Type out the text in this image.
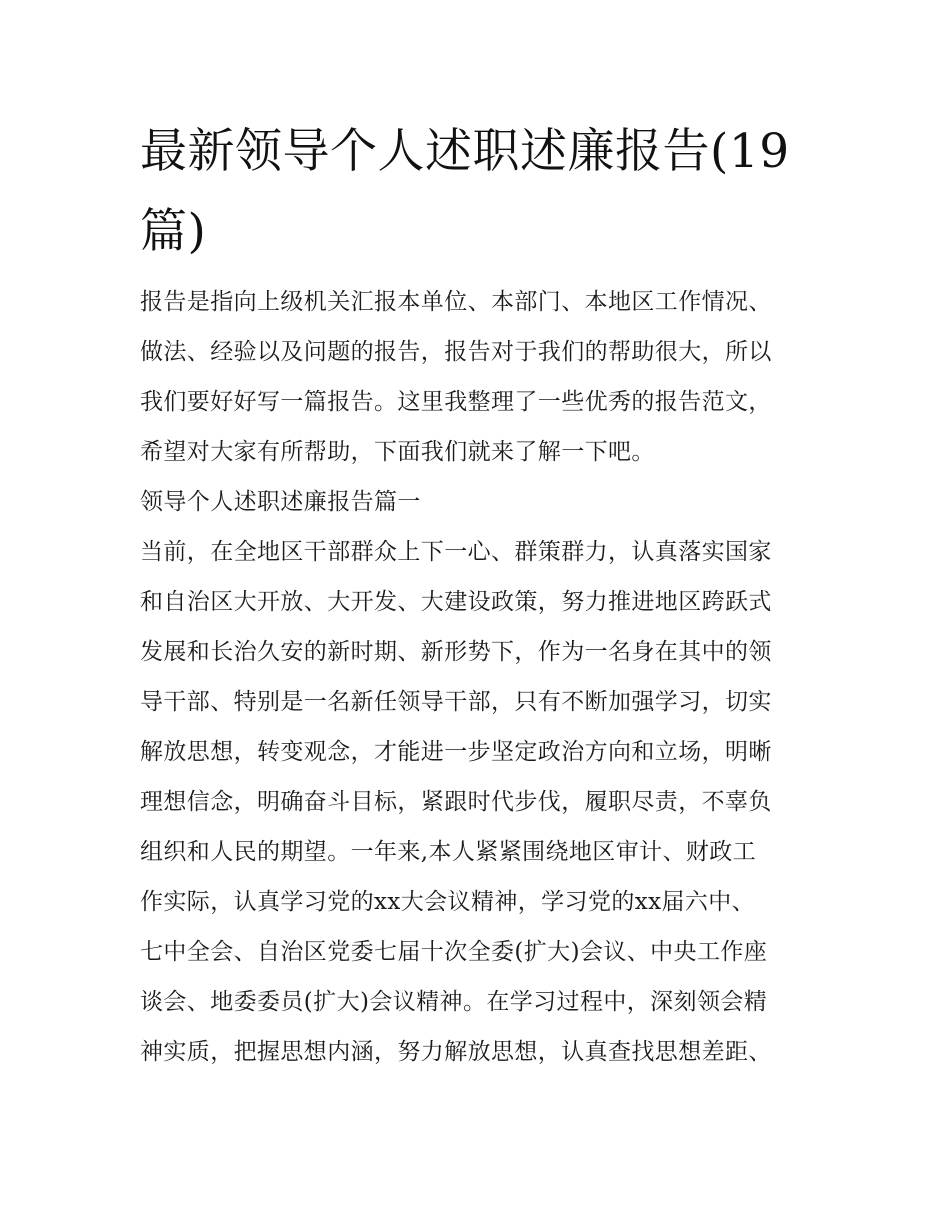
最新领导个人述职述廉报告(19篇)

报告是指向上级机关汇报本单位、本部门、本地区工作情况、

做法、经验以及问题的报告，报告对于我们的帮助很大，所以

我们要好好写一篇报告。这里我整理了一些优秀的报告范文，

希望对大家有所帮助，下面我们就来了解一下吧。

领导个人述职述廉报告篇一

当前，在全地区干部群众上下一心、群策群力，认真落实国家

和自治区大开放、大开发、大建设政策，努力推进地区跨跃式

发展和长治久安的新时期、新形势下，作为一名身在其中的领

导干部、特别是一名新任领导干部，只有不断加强学习，切实

解放思想，转变观念，才能进一步坚定政治方向和立场，明晰

理想信念，明确奋斗目标，紧跟时代步伐，履职尽责，不辜负

组织和人民的期望。一年来,本人紧紧围绕地区审计、财政工

作实际，认真学习党的xx大会议精神，学习党的xx届六中、

七中全会、自治区党委七届十次全委(扩大)会议、中央工作座

谈会、地委委员(扩大)会议精神。在学习过程中，深刻领会精

神实质，把握思想内涵，努力解放思想，认真查找思想差距、
